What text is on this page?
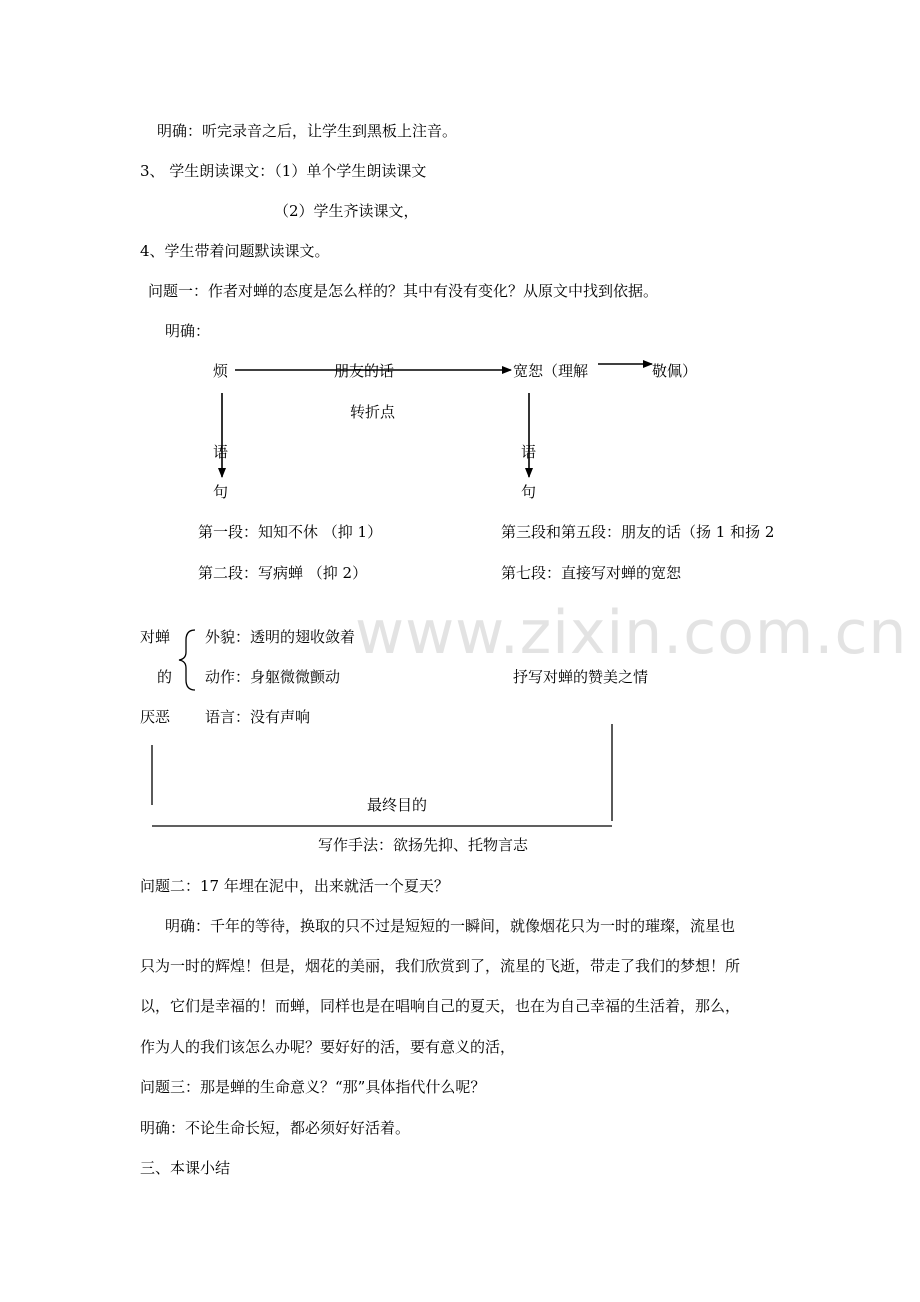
www.zixin.com.cn
明确：听完录音之后，让学生到黑板上注音。
3、 学生朗读课文：（1）单个学生朗读课文
（2）学生齐读课文，
4、学生带着问题默读课文。
问题一：作者对蝉的态度是怎么样的？其中有没有变化？从原文中找到依据。
明确：
烦	朋友的话	宽恕（理解	敬佩）
转折点
语
句
语
句
第一段：知知不休 （抑 1）
第二段：写病蝉 （抑 2）
第三段和第五段：朋友的话（扬 1 和扬 2
第七段：直接写对蝉的宽恕
对蝉
的
厌恶
外貌：透明的翅收敛着
动作：身躯微微颤动
语言：没有声响
抒写对蝉的赞美之情
最终目的
写作手法：欲扬先抑、托物言志
问题二：17 年埋在泥中，出来就活一个夏天？
明确：千年的等待，换取的只不过是短短的一瞬间，就像烟花只为一时的璀璨，流星也
只为一时的辉煌！但是，烟花的美丽，我们欣赏到了，流星的飞逝，带走了我们的梦想！所
以，它们是幸福的！而蝉，同样也是在唱响自己的夏天，也在为自己幸福的生活着，那么，
作为人的我们该怎么办呢？要好好的活，要有意义的活，
问题三：那是蝉的生命意义？“那”具体指代什么呢？
明确：不论生命长短，都必须好好活着。
三、本课小结
